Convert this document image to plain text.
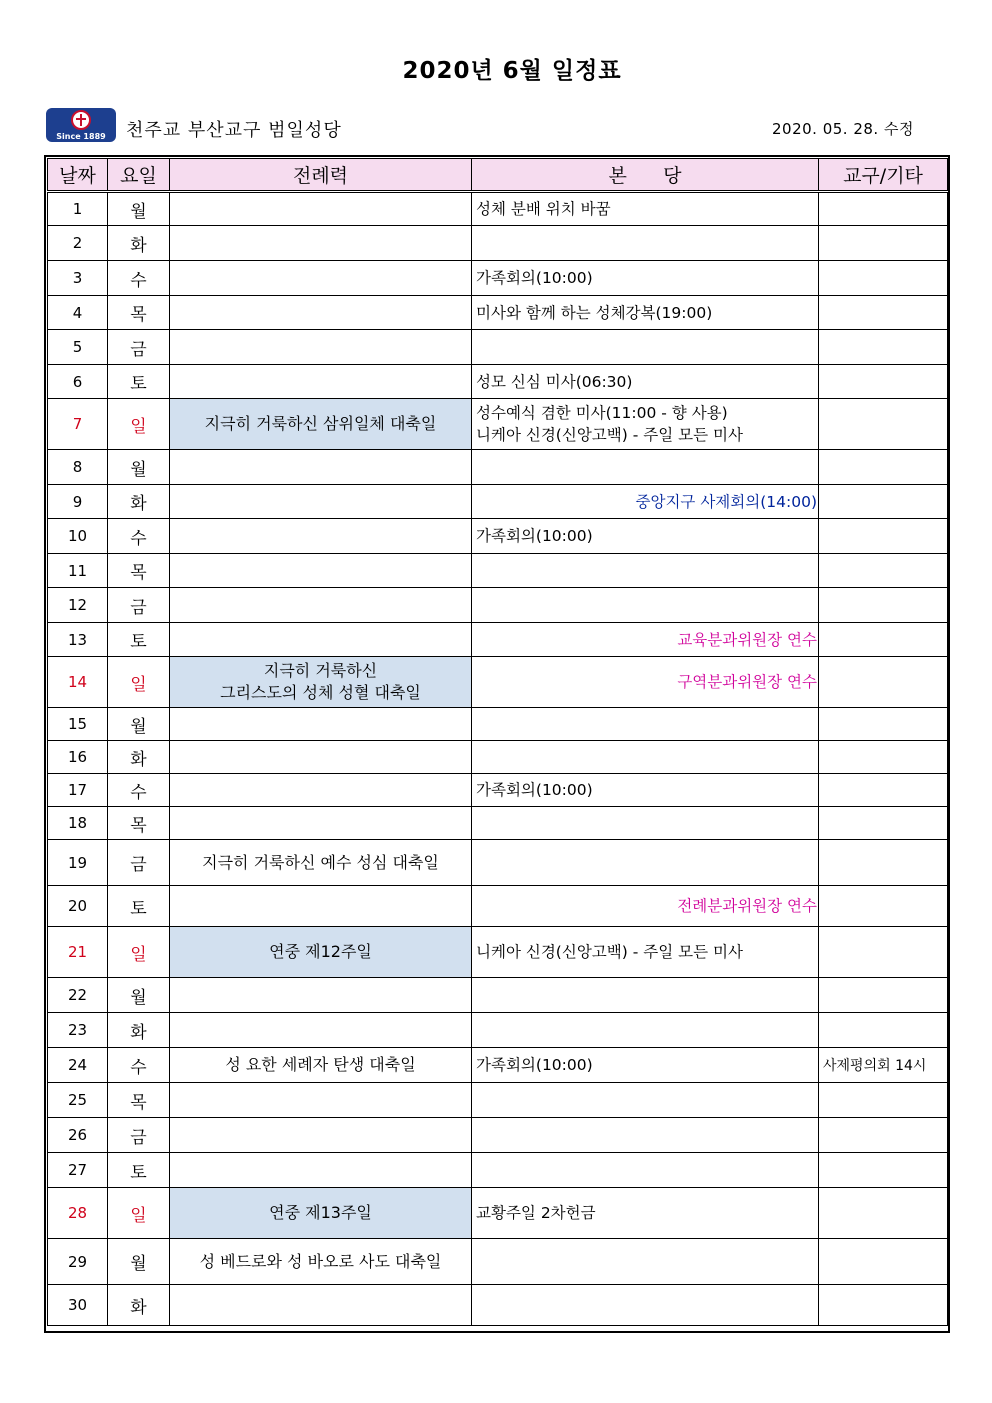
2020년 6월 일정표
Since 1889	천주교 부산교구 범일성당	2020. 05. 28. 수정
날짜	요일	전례력	본      당	교구/기타
1	월		성체 분배 위치 바꿈	
2	화			
3	수		가족회의(10:00)	
4	목		미사와 함께 하는 성체강복(19:00)	
5	금			
6	토		성모 신심 미사(06:30)	
7	일	지극히 거룩하신 삼위일체 대축일	성수예식 겸한 미사(11:00 - 향 사용)
니케아 신경(신앙고백) - 주일 모든 미사	
8	월			
9	화		중앙지구 사제회의(14:00)	
10	수		가족회의(10:00)	
11	목			
12	금			
13	토		교육분과위원장 연수	
14	일	지극히 거룩하신
그리스도의 성체 성혈 대축일	구역분과위원장 연수	
15	월			
16	화			
17	수		가족회의(10:00)	
18	목			
19	금	지극히 거룩하신 예수 성심 대축일		
20	토		전례분과위원장 연수	
21	일	연중 제12주일	니케아 신경(신앙고백) - 주일 모든 미사	
22	월			
23	화			
24	수	성 요한 세례자 탄생 대축일	가족회의(10:00)	사제평의회 14시
25	목			
26	금			
27	토			
28	일	연중 제13주일	교황주일 2차헌금	
29	월	성 베드로와 성 바오로 사도 대축일		
30	화			
